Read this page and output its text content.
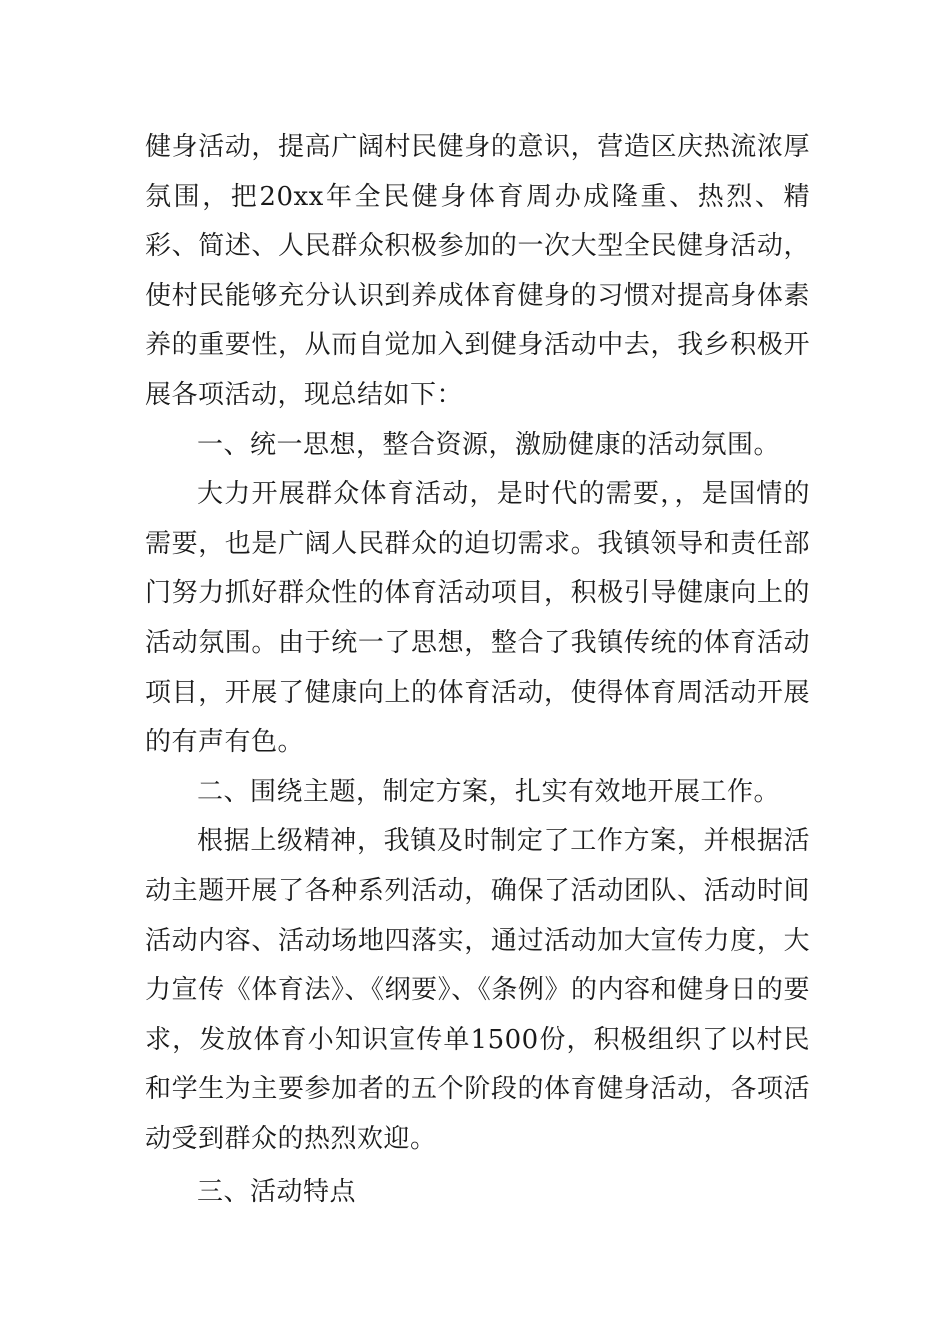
健身活动，提高广阔村民健身的意识，营造区庆热流浓厚氛围，把20xx年全民健身体育周办成隆重、热烈、精彩、简述、人民群众积极参加的一次大型全民健身活动，使村民能够充分认识到养成体育健身的习惯对提高身体素养的重要性，从而自觉加入到健身活动中去，我乡积极开展各项活动，现总结如下：

一、统一思想，整合资源，激励健康的活动氛围。

大力开展群众体育活动，是时代的需要，，是国情的需要，也是广阔人民群众的迫切需求。我镇领导和责任部门努力抓好群众性的体育活动项目，积极引导健康向上的活动氛围。由于统一了思想，整合了我镇传统的体育活动项目，开展了健康向上的体育活动，使得体育周活动开展的有声有色。

二、围绕主题，制定方案，扎实有效地开展工作。

根据上级精神，我镇及时制定了工作方案，并根据活动主题开展了各种系列活动，确保了活动团队、活动时间活动内容、活动场地四落实，通过活动加大宣传力度，大力宣传《体育法》、《纲要》、《条例》的内容和健身日的要求，发放体育小知识宣传单1500份，积极组织了以村民和学生为主要参加者的五个阶段的体育健身活动，各项活动受到群众的热烈欢迎。

三、活动特点
